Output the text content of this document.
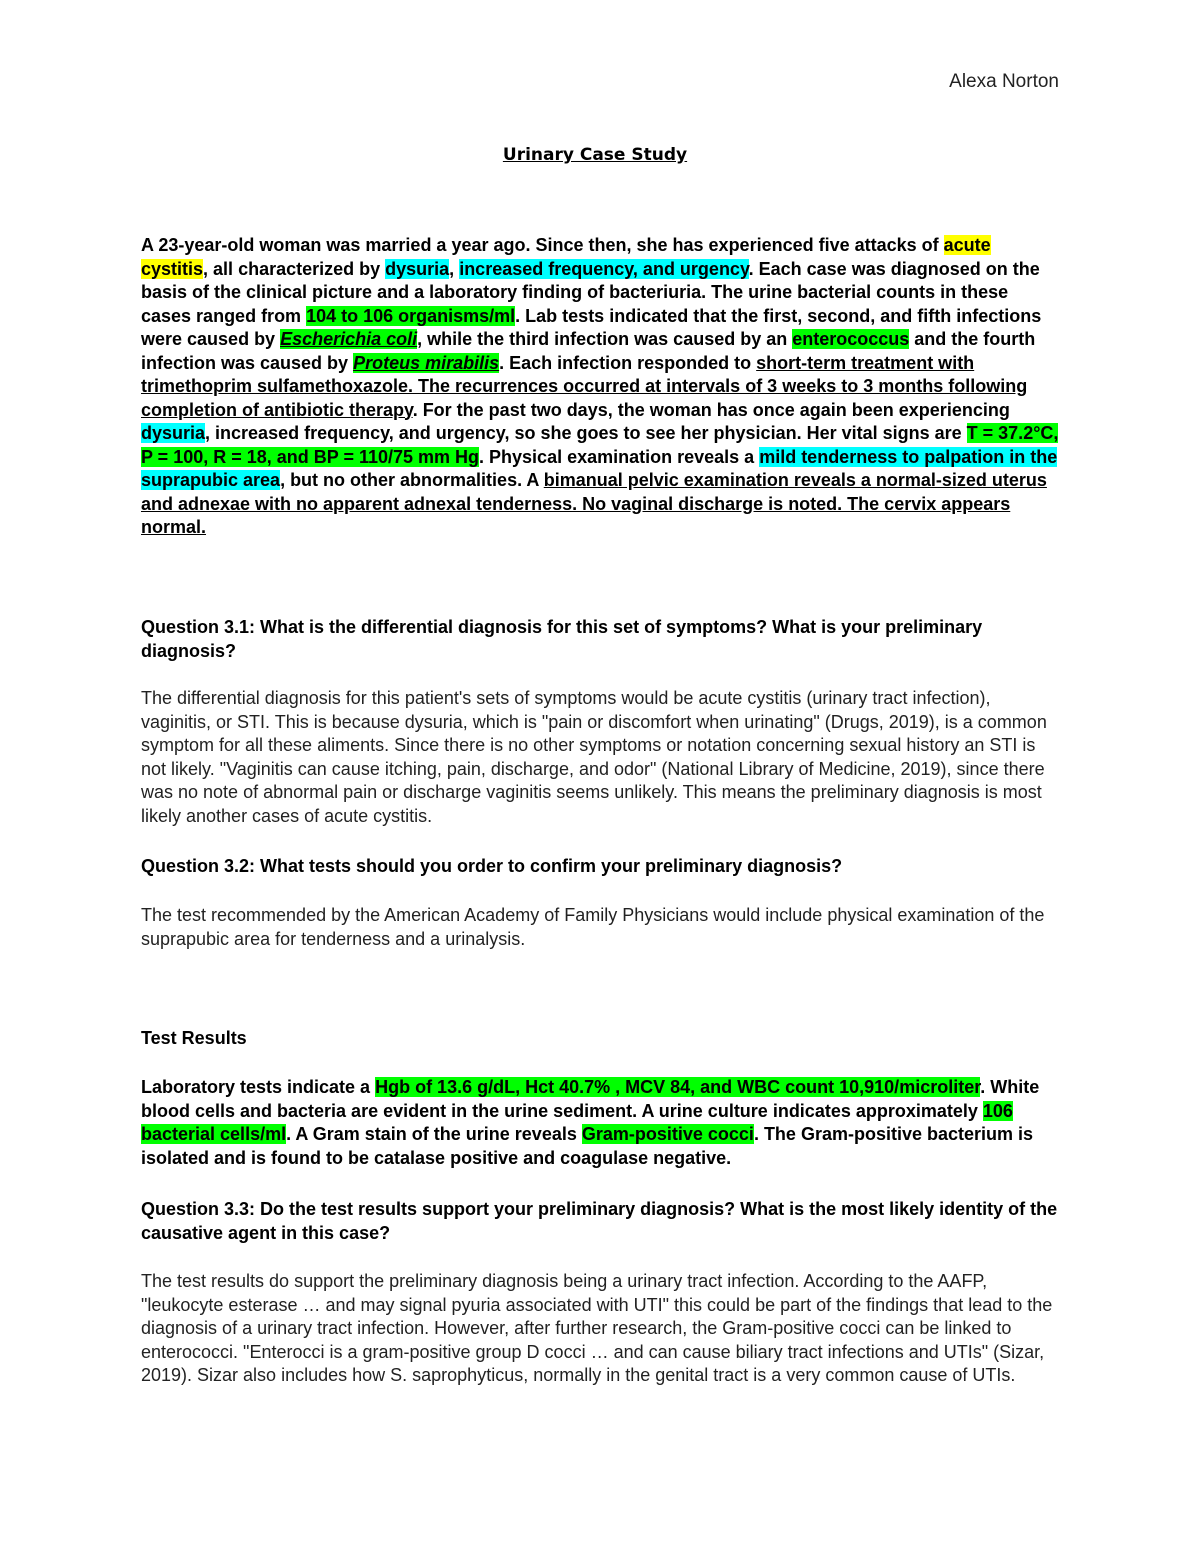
Alexa Norton
Urinary Case Study
A 23-year-old woman was married a year ago. Since then, she has experienced five attacks of acute cystitis, all characterized by dysuria, increased frequency, and urgency. Each case was diagnosed on the basis of the clinical picture and a laboratory finding of bacteriuria. The urine bacterial counts in these cases ranged from 104 to 106 organisms/ml. Lab tests indicated that the first, second, and fifth infections were caused by Escherichia coli, while the third infection was caused by an enterococcus and the fourth infection was caused by Proteus mirabilis. Each infection responded to short-term treatment with trimethoprim sulfamethoxazole. The recurrences occurred at intervals of 3 weeks to 3 months following completion of antibiotic therapy. For the past two days, the woman has once again been experiencing dysuria, increased frequency, and urgency, so she goes to see her physician. Her vital signs are T = 37.2°C, P = 100, R = 18, and BP = 110/75 mm Hg. Physical examination reveals a mild tenderness to palpation in the suprapubic area, but no other abnormalities. A bimanual pelvic examination reveals a normal-sized uterus and adnexae with no apparent adnexal tenderness. No vaginal discharge is noted. The cervix appears normal.
Question 3.1: What is the differential diagnosis for this set of symptoms? What is your preliminary diagnosis?
The differential diagnosis for this patient's sets of symptoms would be acute cystitis (urinary tract infection), vaginitis, or STI. This is because dysuria, which is "pain or discomfort when urinating" (Drugs, 2019), is a common symptom for all these aliments. Since there is no other symptoms or notation concerning sexual history an STI is not likely. "Vaginitis can cause itching, pain, discharge, and odor" (National Library of Medicine, 2019), since there was no note of abnormal pain or discharge vaginitis seems unlikely. This means the preliminary diagnosis is most likely another cases of acute cystitis.
Question 3.2: What tests should you order to confirm your preliminary diagnosis?
The test recommended by the American Academy of Family Physicians would include physical examination of the suprapubic area for tenderness and a urinalysis.
Test Results
Laboratory tests indicate a Hgb of 13.6 g/dL, Hct 40.7% , MCV 84, and WBC count 10,910/microliter. White blood cells and bacteria are evident in the urine sediment. A urine culture indicates approximately 106 bacterial cells/ml. A Gram stain of the urine reveals Gram-positive cocci. The Gram-positive bacterium is isolated and is found to be catalase positive and coagulase negative.
Question 3.3: Do the test results support your preliminary diagnosis? What is the most likely identity of the causative agent in this case?
The test results do support the preliminary diagnosis being a urinary tract infection. According to the AAFP, "leukocyte esterase … and may signal pyuria associated with UTI" this could be part of the findings that lead to the diagnosis of a urinary tract infection. However, after further research, the Gram-positive cocci can be linked to enterococci. "Enterocci is a gram-positive group D cocci … and can cause biliary tract infections and UTIs" (Sizar, 2019). Sizar also includes how S. saprophyticus, normally in the genital tract is a very common cause of UTIs.
